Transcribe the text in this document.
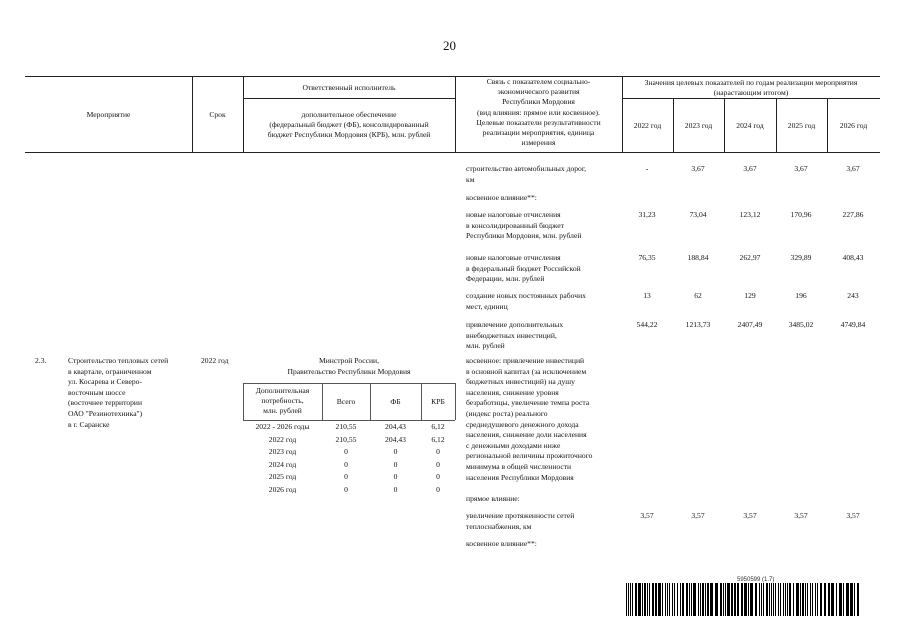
20
Мероприятие	Срок
Ответственный исполнитель
дополнительное обеспечение
(федеральный бюджет (ФБ), консолидированный
бюджет Республики Мордовия (КРБ), млн. рублей
Связь с показателем социально-
экономического развития
Республики Мордовия
(вид влияния: прямое или косвенное).
Целевые показатели результативности
реализации мероприятия, единица
измерения
Значения целевых показателей по годам реализации мероприятия
(нарастающим итогом)
2022 год	2023 год	2024 год	2025 год	2026 год
строительство автомобильных дорог,
км
-	3,67	3,67	3,67	3,67
косвенное влияние**:
новые налоговые отчисления
в консолидированный бюджет
Республики Мордовия, млн. рублей
31,23	73,04	123,12	170,96	227,86
новые налоговые отчисления
в федеральный бюджет Российской
Федерации, млн. рублей
76,35	188,84	262,97	329,89	408,43
создание новых постоянных рабочих
мест, единиц
13	62	129	196	243
привлечение дополнительных
внебюджетных инвестиций,
млн. рублей
544,22	1213,73	2407,49	3485,02	4749,84
2.3.	Строительство тепловых сетей
в квартале, ограниченном
ул. Косарева и Северо-
восточным шоссе
(восточнее территории
ОАО "Резинотехника")
в г. Саранске
2022 год	Минстрой России,
Правительство Республики Мордовия
Дополнительная
потребность,
млн. рублей
Всего	ФБ	КРБ
2022 - 2026 годы	210,55	204,43	6,12
2022 год	210,55	204,43	6,12
2023 год	0	0	0
2024 год	0	0	0
2025 год	0	0	0
2026 год	0	0	0
косвенное: привлечение инвестиций
в основной капитал (за исключением
бюджетных инвестиций) на душу
населения, снижение уровня
безработицы, увеличение темпа роста
(индекс роста) реального
среднедушевого денежного дохода
населения, снижение доли населения
с денежными доходами ниже
региональной величины прожиточного
минимума в общей численности
населения Республики Мордовия
прямое влияние:
увеличение протяженности сетей
теплоснабжения, км
3,57	3,57	3,57	3,57	3,57
косвенное влияние**:
5950599 (1.7)
